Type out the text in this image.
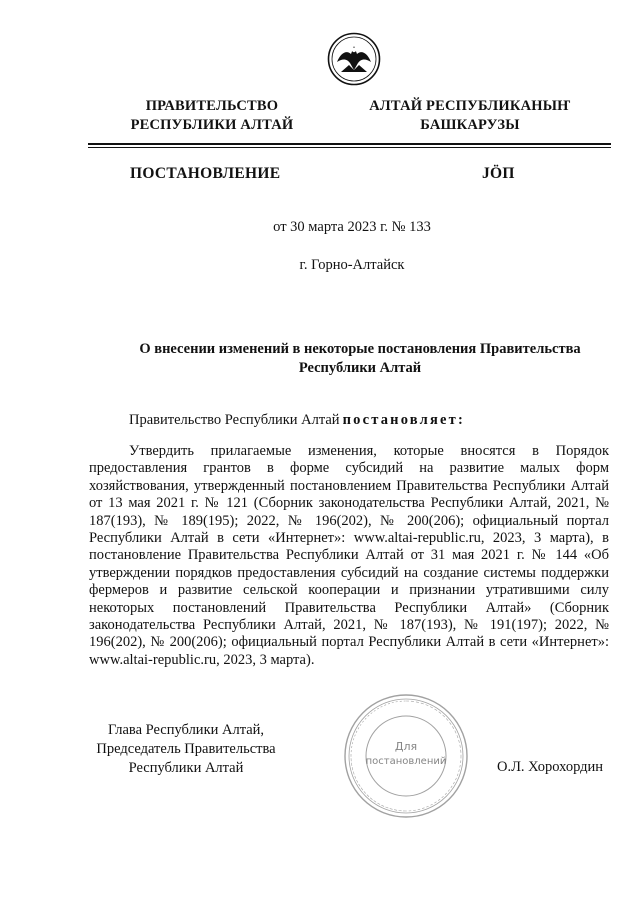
ПРАВИТЕЛЬСТВО
РЕСПУБЛИКИ АЛТАЙ
АЛТАЙ РЕСПУБЛИКАНЫҤ
БАШКАРУЗЫ
ПОСТАНОВЛЕНИЕ	JÖП
от 30 марта 2023 г. № 133
г. Горно-Алтайск
О внесении изменений в некоторые постановления Правительства
Республики Алтай
Правительство Республики Алтай постановляет:
Утвердить прилагаемые изменения, которые вносятся в Порядок предоставления грантов в форме субсидий на развитие малых форм хозяйствования, утвержденный постановлением Правительства Республики Алтай от 13 мая 2021 г. № 121 (Сборник законодательства Республики Алтай, 2021, № 187(193), № 189(195); 2022, № 196(202), № 200(206); официальный портал Республики Алтай в сети «Интернет»: www.altai-republic.ru, 2023, 3 марта), в постановление Правительства Республики Алтай от 31 мая 2021 г. № 144 «Об утверждении порядков предоставления субсидий на создание системы поддержки фермеров и развитие сельской кооперации и признании утратившими силу некоторых постановлений Правительства Республики Алтай» (Сборник законодательства Республики Алтай, 2021, № 187(193), № 191(197); 2022, № 196(202), № 200(206); официальный портал Республики Алтай в сети «Интернет»: www.altai-republic.ru, 2023, 3 марта).
Глава Республики Алтай,
Председатель Правительства
Республики Алтай	О.Л. Хорохордин
Для
постановлений
